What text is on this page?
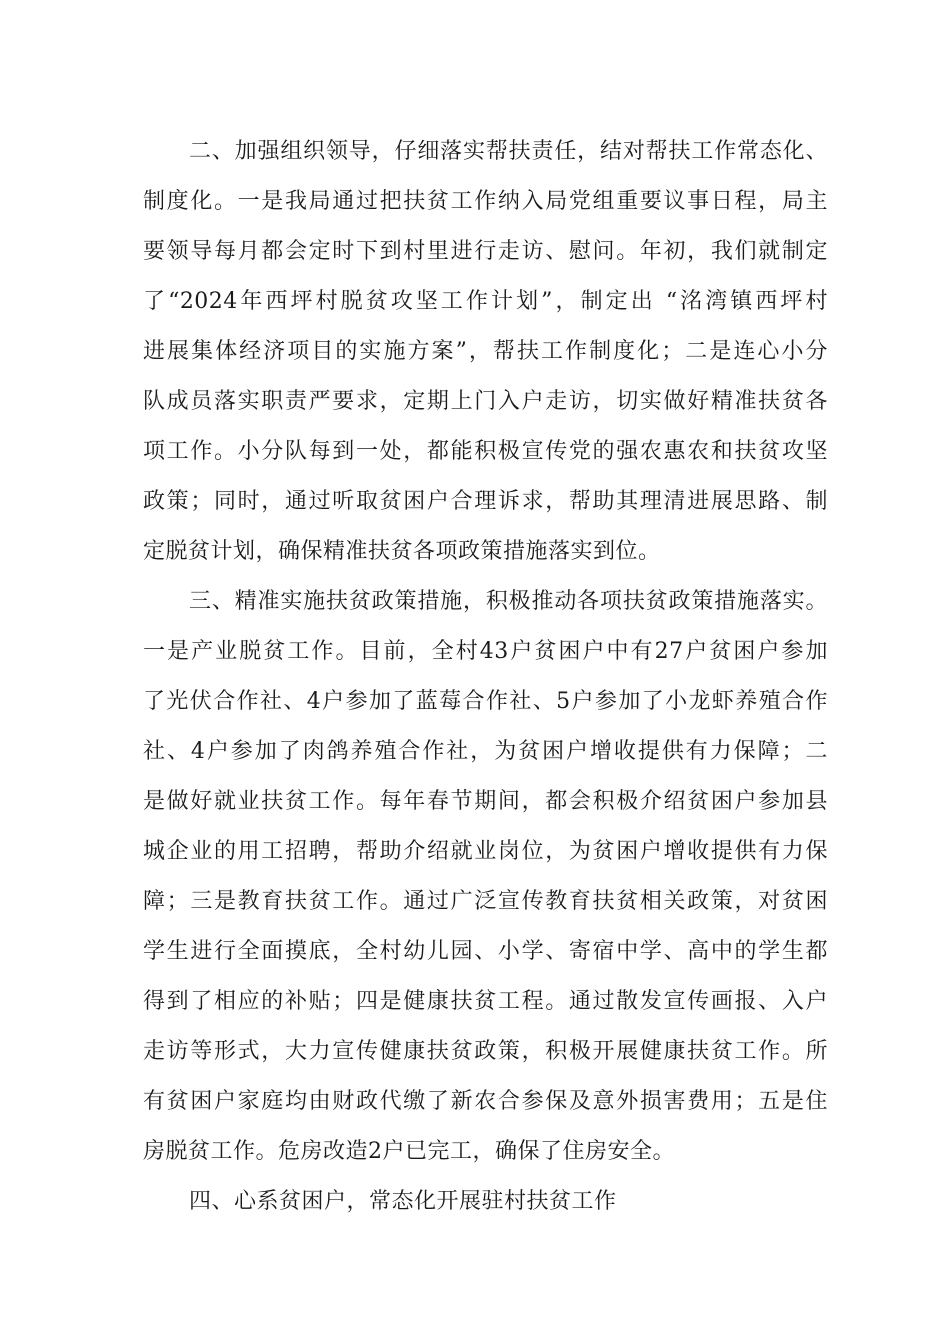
二、加强组织领导，仔细落实帮扶责任，结对帮扶工作常态化、
制度化。一是我局通过把扶贫工作纳入局党组重要议事日程，局主
要领导每月都会定时下到村里进行走访、慰问。年初，我们就制定
了“2024年西坪村脱贫攻坚工作计划”，制定出 “洺湾镇西坪村
进展集体经济项目的实施方案”，帮扶工作制度化；二是连心小分
队成员落实职责严要求，定期上门入户走访，切实做好精准扶贫各
项工作。小分队每到一处，都能积极宣传党的强农惠农和扶贫攻坚
政策；同时，通过听取贫困户合理诉求，帮助其理清进展思路、制
定脱贫计划，确保精准扶贫各项政策措施落实到位。
三、精准实施扶贫政策措施，积极推动各项扶贫政策措施落实。
一是产业脱贫工作。目前，全村43户贫困户中有27户贫困户参加
了光伏合作社、4户参加了蓝莓合作社、5户参加了小龙虾养殖合作
社、4户参加了肉鸽养殖合作社，为贫困户增收提供有力保障；二
是做好就业扶贫工作。每年春节期间，都会积极介绍贫困户参加县
城企业的用工招聘，帮助介绍就业岗位，为贫困户增收提供有力保
障；三是教育扶贫工作。通过广泛宣传教育扶贫相关政策，对贫困
学生进行全面摸底，全村幼儿园、小学、寄宿中学、高中的学生都
得到了相应的补贴；四是健康扶贫工程。通过散发宣传画报、入户
走访等形式，大力宣传健康扶贫政策，积极开展健康扶贫工作。所
有贫困户家庭均由财政代缴了新农合参保及意外损害费用；五是住
房脱贫工作。危房改造2户已完工，确保了住房安全。
四、心系贫困户，常态化开展驻村扶贫工作
